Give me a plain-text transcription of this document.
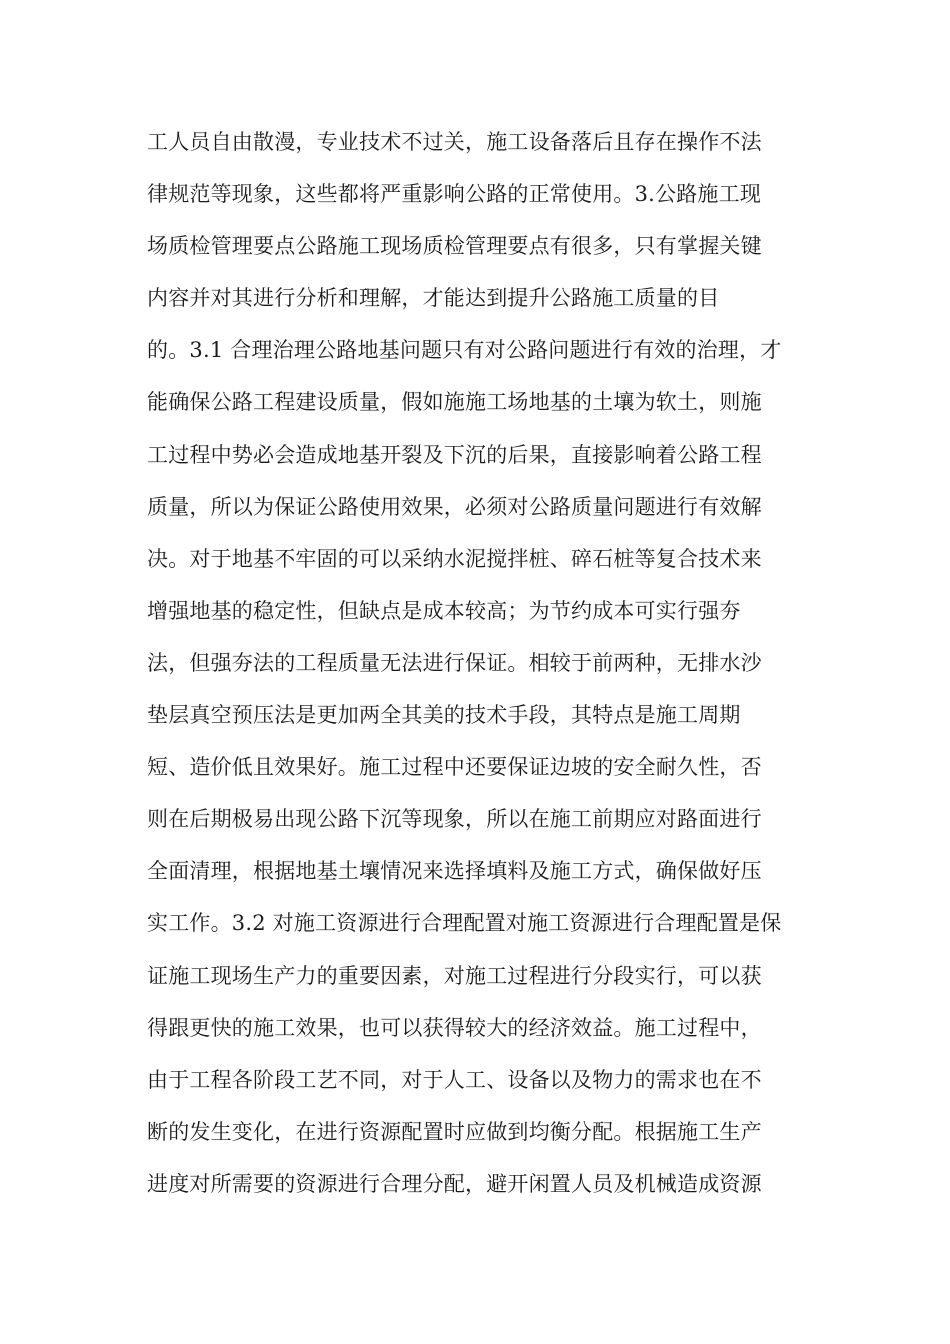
工人员自由散漫，专业技术不过关，施工设备落后且存在操作不法
律规范等现象，这些都将严重影响公路的正常使用。3.公路施工现
场质检管理要点公路施工现场质检管理要点有很多，只有掌握关键
内容并对其进行分析和理解，才能达到提升公路施工质量的目
的。3.1 合理治理公路地基问题只有对公路问题进行有效的治理，才
能确保公路工程建设质量，假如施施工场地基的土壤为软土，则施
工过程中势必会造成地基开裂及下沉的后果，直接影响着公路工程
质量，所以为保证公路使用效果，必须对公路质量问题进行有效解
决。对于地基不牢固的可以采纳水泥搅拌桩、碎石桩等复合技术来
增强地基的稳定性，但缺点是成本较高；为节约成本可实行强夯
法，但强夯法的工程质量无法进行保证。相较于前两种，无排水沙
垫层真空预压法是更加两全其美的技术手段，其特点是施工周期
短、造价低且效果好。施工过程中还要保证边坡的安全耐久性，否
则在后期极易出现公路下沉等现象，所以在施工前期应对路面进行
全面清理，根据地基土壤情况来选择填料及施工方式，确保做好压
实工作。3.2 对施工资源进行合理配置对施工资源进行合理配置是保
证施工现场生产力的重要因素，对施工过程进行分段实行，可以获
得跟更快的施工效果，也可以获得较大的经济效益。施工过程中，
由于工程各阶段工艺不同，对于人工、设备以及物力的需求也在不
断的发生变化，在进行资源配置时应做到均衡分配。根据施工生产
进度对所需要的资源进行合理分配，避开闲置人员及机械造成资源
